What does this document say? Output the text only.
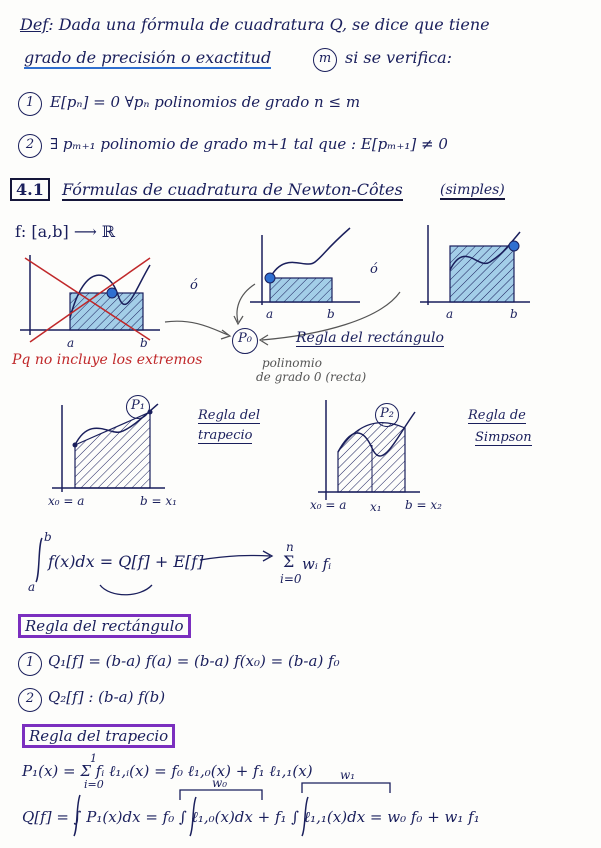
Def: Dada una fórmula de cuadratura Q, se dice que tiene
grado de precisión o exactitud	m si se verifica:
1	E[pₙ] = 0 ∀pₙ polinomios de grado n ≤ m
2	∃ pₘ₊₁ polinomio de grado m+1 tal que : E[pₘ₊₁] ≠ 0
4.1	Fórmulas de cuadratura de Newton-Côtes	(simples)
f: [a,b] ⟶ ℝ
ó
ó
a	b
a	b	a	b
P₀	Regla del rectángulo
Pq no incluye los extremos	polinomio
de grado 0 (recta)
P₁
Regla del
trapecio
x₀ = a	b = x₁
P₂	Regla de
Simpson
x₀ = a x₁ b = x₂
b
a
f(x)dx = Q[f] + E[f]
n
Σ
i=0
wᵢ fᵢ
Regla del rectángulo
1 Q₁[f] = (b-a) f(a) = (b-a) f(x₀) = (b-a) f₀
2 Q₂[f] : (b-a) f(b)
Regla del trapecio
1
i=0
P₁(x) = Σ fᵢ ℓ₁,ᵢ(x) = f₀ ℓ₁,₀(x) + f₁ ℓ₁,₁(x)
w₀
w₁
Q[f] = ∫ P₁(x)dx = f₀ ∫ ℓ₁,₀(x)dx + f₁ ∫ ℓ₁,₁(x)dx = w₀ f₀ + w₁ f₁
